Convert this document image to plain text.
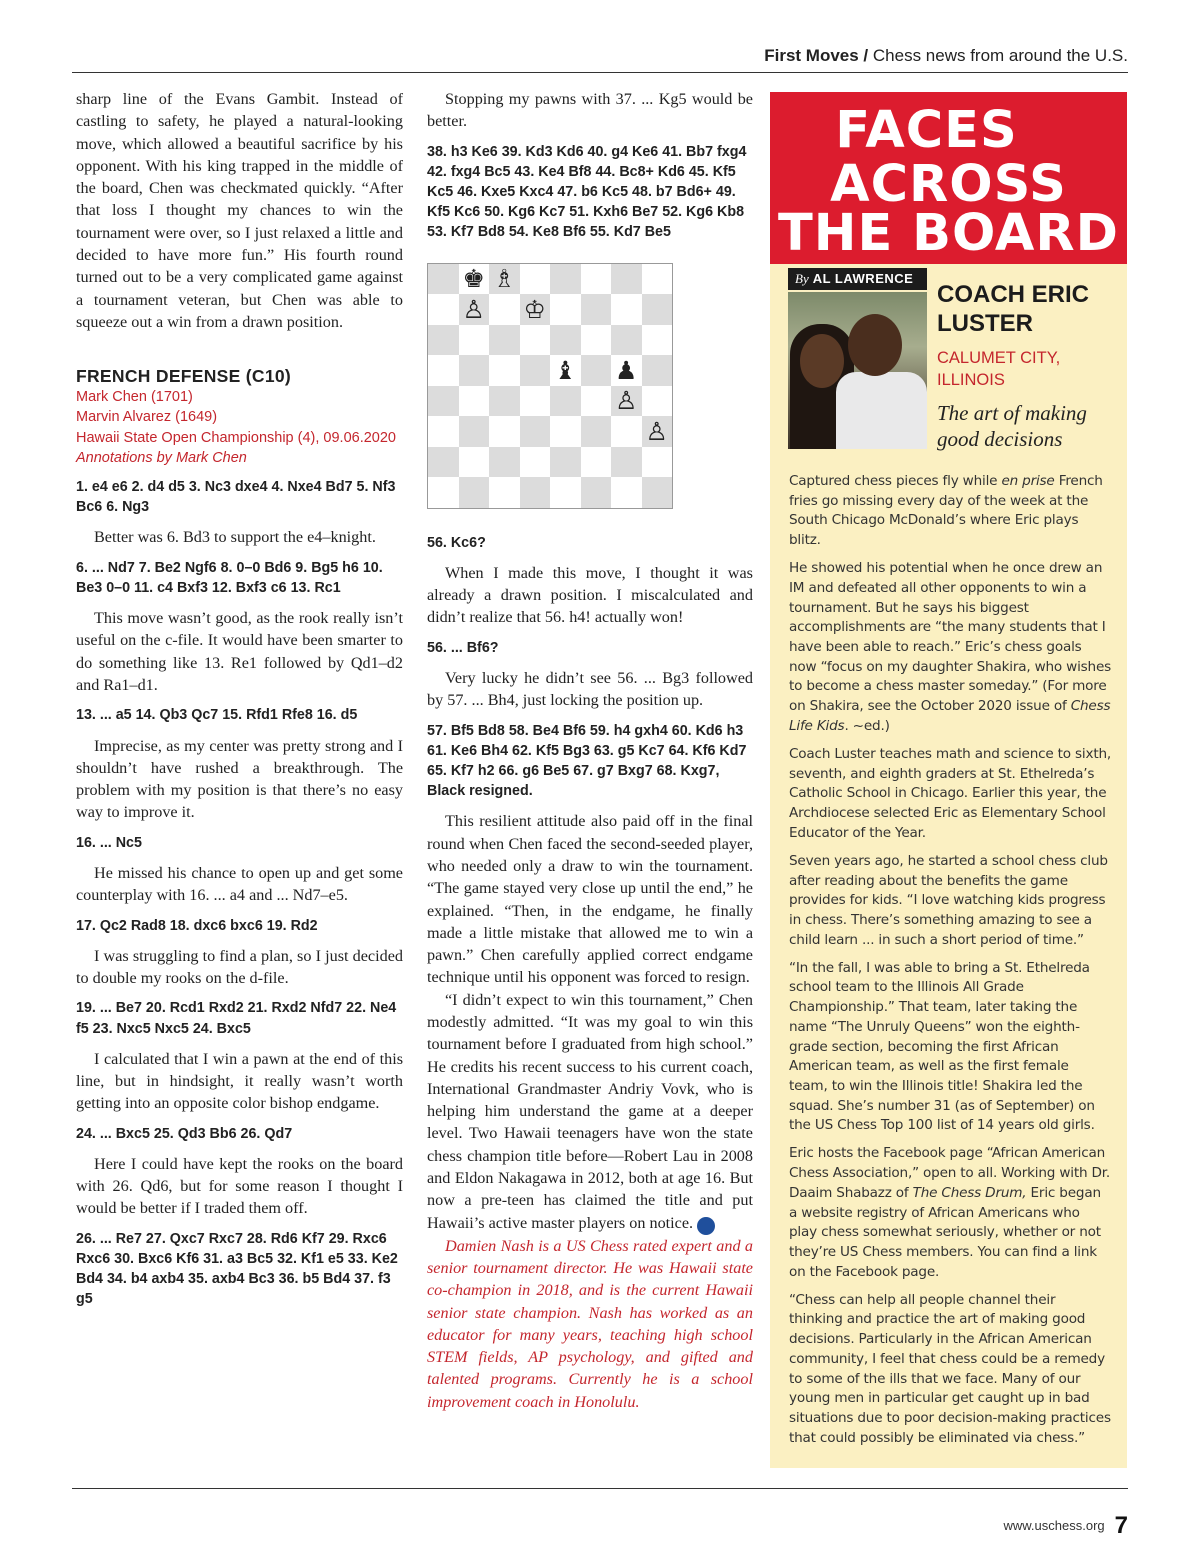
First Moves / Chess news from around the U.S.

sharp line of the Evans Gambit. Instead of castling to safety, he played a natural-looking move, which allowed a beautiful sacrifice by his opponent. With his king trapped in the middle of the board, Chen was checkmated quickly. “After that loss I thought my chances to win the tournament were over, so I just relaxed a little and decided to have more fun.” His fourth round turned out to be a very complicated game against a tournament veteran, but Chen was able to squeeze out a win from a drawn position.

FRENCH DEFENSE (C10)
Mark Chen (1701)
Marvin Alvarez (1649)
Hawaii State Open Championship (4), 09.06.2020
Annotations by Mark Chen
1. e4 e6 2. d4 d5 3. Nc3 dxe4 4. Nxe4 Bd7 5. Nf3 Bc6 6. Ng3

Better was 6. Bd3 to support the e4–knight.

6. ... Nd7 7. Be2 Ngf6 8. 0–0 Bd6 9. Bg5 h6 10. Be3 0–0 11. c4 Bxf3 12. Bxf3 c6 13. Rc1

This move wasn’t good, as the rook really isn’t useful on the c-file. It would have been smarter to do something like 13. Re1 followed by Qd1–d2 and Ra1–d1.

13. ... a5 14. Qb3 Qc7 15. Rfd1 Rfe8 16. d5

Imprecise, as my center was pretty strong and I shouldn’t have rushed a breakthrough. The problem with my position is that there’s no easy way to improve it.

16. ... Nc5

He missed his chance to open up and get some counterplay with 16. ... a4 and ... Nd7–e5.

17. Qc2 Rad8 18. dxc6 bxc6 19. Rd2

I was struggling to find a plan, so I just decided to double my rooks on the d-file.

19. ... Be7 20. Rcd1 Rxd2 21. Rxd2 Nfd7 22. Ne4 f5 23. Nxc5 Nxc5 24. Bxc5

I calculated that I win a pawn at the end of this line, but in hindsight, it really wasn’t worth getting into an opposite color bishop endgame.

24. ... Bxc5 25. Qd3 Bb6 26. Qd7

Here I could have kept the rooks on the board with 26. Qd6, but for some reason I thought I would be better if I traded them off.

26. ... Re7 27. Qxc7 Rxc7 28. Rd6 Kf7 29. Rxc6 Rxc6 30. Bxc6 Kf6 31. a3 Bc5 32. Kf1 e5 33. Ke2 Bd4 34. b4 axb4 35. axb4 Bc3 36. b5 Bd4 37. f3 g5

Stopping my pawns with 37. ... Kg5 would be better.

38. h3 Ke6 39. Kd3 Kd6 40. g4 Ke6 41. Bb7 fxg4 42. fxg4 Bc5 43. Ke4 Bf8 44. Bc8+ Kd6 45. Kf5 Kc5 46. Kxe5 Kxc4 47. b6 Kc5 48. b7 Bd6+ 49. Kf5 Kc6 50. Kg6 Kc7 51. Kxh6 Be7 52. Kg6 Kb8 53. Kf7 Bd8 54. Ke8 Bf6 55. Kd7 Be5
♚ ♗
♙ ♔
♝ ♟
♙
♙
56. Kc6?

When I made this move, I thought it was already a drawn position. I miscalculated and didn’t realize that 56. h4! actually won!

56. ... Bf6?

Very lucky he didn’t see 56. ... Bg3 followed by 57. ... Bh4, just locking the position up.

57. Bf5 Bd8 58. Be4 Bf6 59. h4 gxh4 60. Kd6 h3 61. Ke6 Bh4 62. Kf5 Bg3 63. g5 Kc7 64. Kf6 Kd7 65. Kf7 h2 66. g6 Be5 67. g7 Bxg7 68. Kxg7, Black resigned.

This resilient attitude also paid off in the final round when Chen faced the second-seeded player, who needed only a draw to win the tournament. “The game stayed very close up until the end,” he explained. “Then, in the endgame, he finally made a little mistake that allowed me to win a pawn.” Chen carefully applied correct endgame technique until his opponent was forced to resign.

“I didn’t expect to win this tournament,” Chen modestly admitted. “It was my goal to win this tournament before I graduated from high school.” He credits his recent success to his current coach, International Grandmaster Andriy Vovk, who is helping him understand the game at a deeper level. Two Hawaii teenagers have won the state chess champion title before—Robert Lau in 2008 and Eldon Nakagawa in 2012, both at age 16. But now a pre-teen has claimed the title and put Hawaii’s active master players on notice. i

Damien Nash is a US Chess rated expert and a senior tournament director. He was Hawaii state co-champion in 2018, and is the current Hawaii senior state champion. Nash has worked as an educator for many years, teaching high school STEM fields, AP psychology, and gifted and talented programs. Currently he is a school improvement coach in Honolulu.

FACES
ACROSS
THE BOARD
By AL LAWRENCE
COACH ERIC LUSTER
CALUMET CITY, ILLINOIS
The art of making good decisions

Captured chess pieces fly while en prise French fries go missing every day of the week at the South Chicago McDonald’s where Eric plays blitz.

He showed his potential when he once drew an IM and defeated all other opponents to win a tournament. But he says his biggest accomplishments are “the many students that I have been able to reach.” Eric’s chess goals now “focus on my daughter Shakira, who wishes to become a chess master someday.” (For more on Shakira, see the October 2020 issue of Chess Life Kids. ~ed.)

Coach Luster teaches math and science to sixth, seventh, and eighth graders at St. Ethelreda’s Catholic School in Chicago. Earlier this year, the Archdiocese selected Eric as Elementary School Educator of the Year.

Seven years ago, he started a school chess club after reading about the benefits the game provides for kids. “I love watching kids progress in chess. There’s something amazing to see a child learn ... in such a short period of time.”

“In the fall, I was able to bring a St. Ethelreda school team to the Illinois All Grade Championship.” That team, later taking the name “The Unruly Queens” won the eighth-grade section, becoming the first African American team, as well as the first female team, to win the Illinois title! Shakira led the squad. She’s number 31 (as of September) on the US Chess Top 100 list of 14 years old girls.

Eric hosts the Facebook page “African American Chess Association,” open to all. Working with Dr. Daaim Shabazz of The Chess Drum, Eric began a website registry of African Americans who play chess somewhat seriously, whether or not they’re US Chess members. You can find a link on the Facebook page.

“Chess can help all people channel their thinking and practice the art of making good decisions. Particularly in the African American community, I feel that chess could be a remedy to some of the ills that we face. Many of our young men in particular get caught up in bad situations due to poor decision-making practices that could possibly be eliminated via chess.”

www.uschess.org 7
